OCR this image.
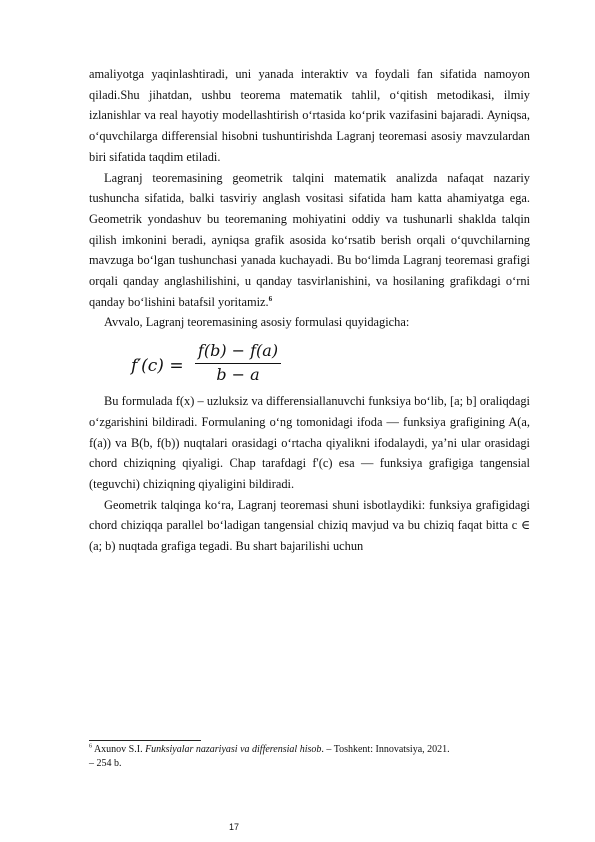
amaliyotga yaqinlashtiradi, uni yanada interaktiv va foydali fan sifatida namoyon qiladi.Shu jihatdan, ushbu teorema matematik tahlil, o‘qitish metodikasi, ilmiy izlanishlar va real hayotiy modellashtirish o‘rtasida ko‘prik vazifasini bajaradi. Ayniqsa, o‘quvchilarga differensial hisobni tushuntirishda Lagranj teoremasi asosiy mavzulardan biri sifatida taqdim etiladi.

Lagranj teoremasining geometrik talqini matematik analizda nafaqat nazariy tushuncha sifatida, balki tasviriy anglash vositasi sifatida ham katta ahamiyatga ega. Geometrik yondashuv bu teoremaning mohiyatini oddiy va tushunarli shaklda talqin qilish imkonini beradi, ayniqsa grafik asosida ko‘rsatib berish orqali o‘quvchilarning mavzuga bo‘lgan tushunchasi yanada kuchayadi. Bu bo‘limda Lagranj teoremasi grafigi orqali qanday anglashilishini, u qanday tasvirlanishini, va hosilaning grafikdagi o‘rni qanday bo‘lishini batafsil yoritamiz.$^6$

Avvalo, Lagranj teoremasining asosiy formulasi quyidagicha:

f′(c) =
f(b) − f(a)
b − a

Bu formulada f(x) – uzluksiz va differensiallanuvchi funksiya bo‘lib, [a; b] oraliqdagi o‘zgarishini bildiradi. Formulaning o‘ng tomonidagi ifoda — funksiya grafigining A(a, f(a)) va B(b, f(b)) nuqtalari orasidagi o‘rtacha qiyalikni ifodalaydi, ya’ni ular orasidagi chord chiziqning qiyaligi. Chap tarafdagi f'(c) esa — funksiya grafigiga tangensial (teguvchi) chiziqning qiyaligini bildiradi.

Geometrik talqinga ko‘ra, Lagranj teoremasi shuni isbotlaydiki: funksiya grafigidagi chord chiziqqa parallel bo‘ladigan tangensial chiziq mavjud va bu chiziq faqat bitta c ∈ (a; b) nuqtada grafiga tegadi. Bu shart bajarilishi uchun

$^6$ Axunov S.I. Funksiyalar nazariyasi va differensial hisob. – Toshkent: Innovatsiya, 2021.
– 254 b.
17
